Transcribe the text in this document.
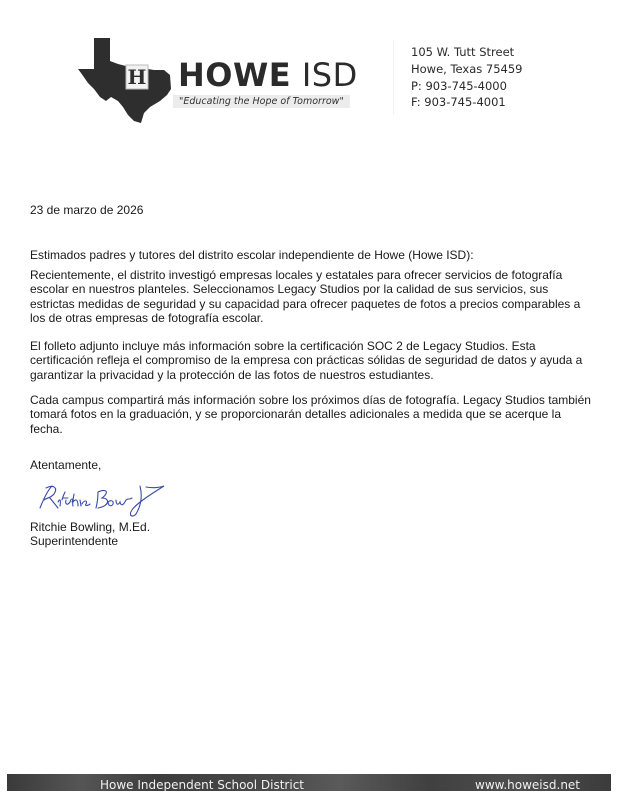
H HOWE ISD
"Educating the Hope of Tomorrow"
105 W. Tutt Street
Howe, Texas 75459
P: 903-745-4000
F: 903-745-4001
23 de marzo de 2026
Estimados padres y tutores del distrito escolar independiente de Howe (Howe ISD):
Recientemente, el distrito investigó empresas locales y estatales para ofrecer servicios de fotografía escolar en nuestros planteles. Seleccionamos Legacy Studios por la calidad de sus servicios, sus estrictas medidas de seguridad y su capacidad para ofrecer paquetes de fotos a precios comparables a los de otras empresas de fotografía escolar.
El folleto adjunto incluye más información sobre la certificación SOC 2 de Legacy Studios. Esta certificación refleja el compromiso de la empresa con prácticas sólidas de seguridad de datos y ayuda a garantizar la privacidad y la protección de las fotos de nuestros estudiantes.
Cada campus compartirá más información sobre los próximos días de fotografía. Legacy Studios también tomará fotos en la graduación, y se proporcionarán detalles adicionales a medida que se acerque la fecha.
Atentamente,
Ritchie Bowling, M.Ed.
Superintendente
Howe Independent School District	www.howeisd.net
